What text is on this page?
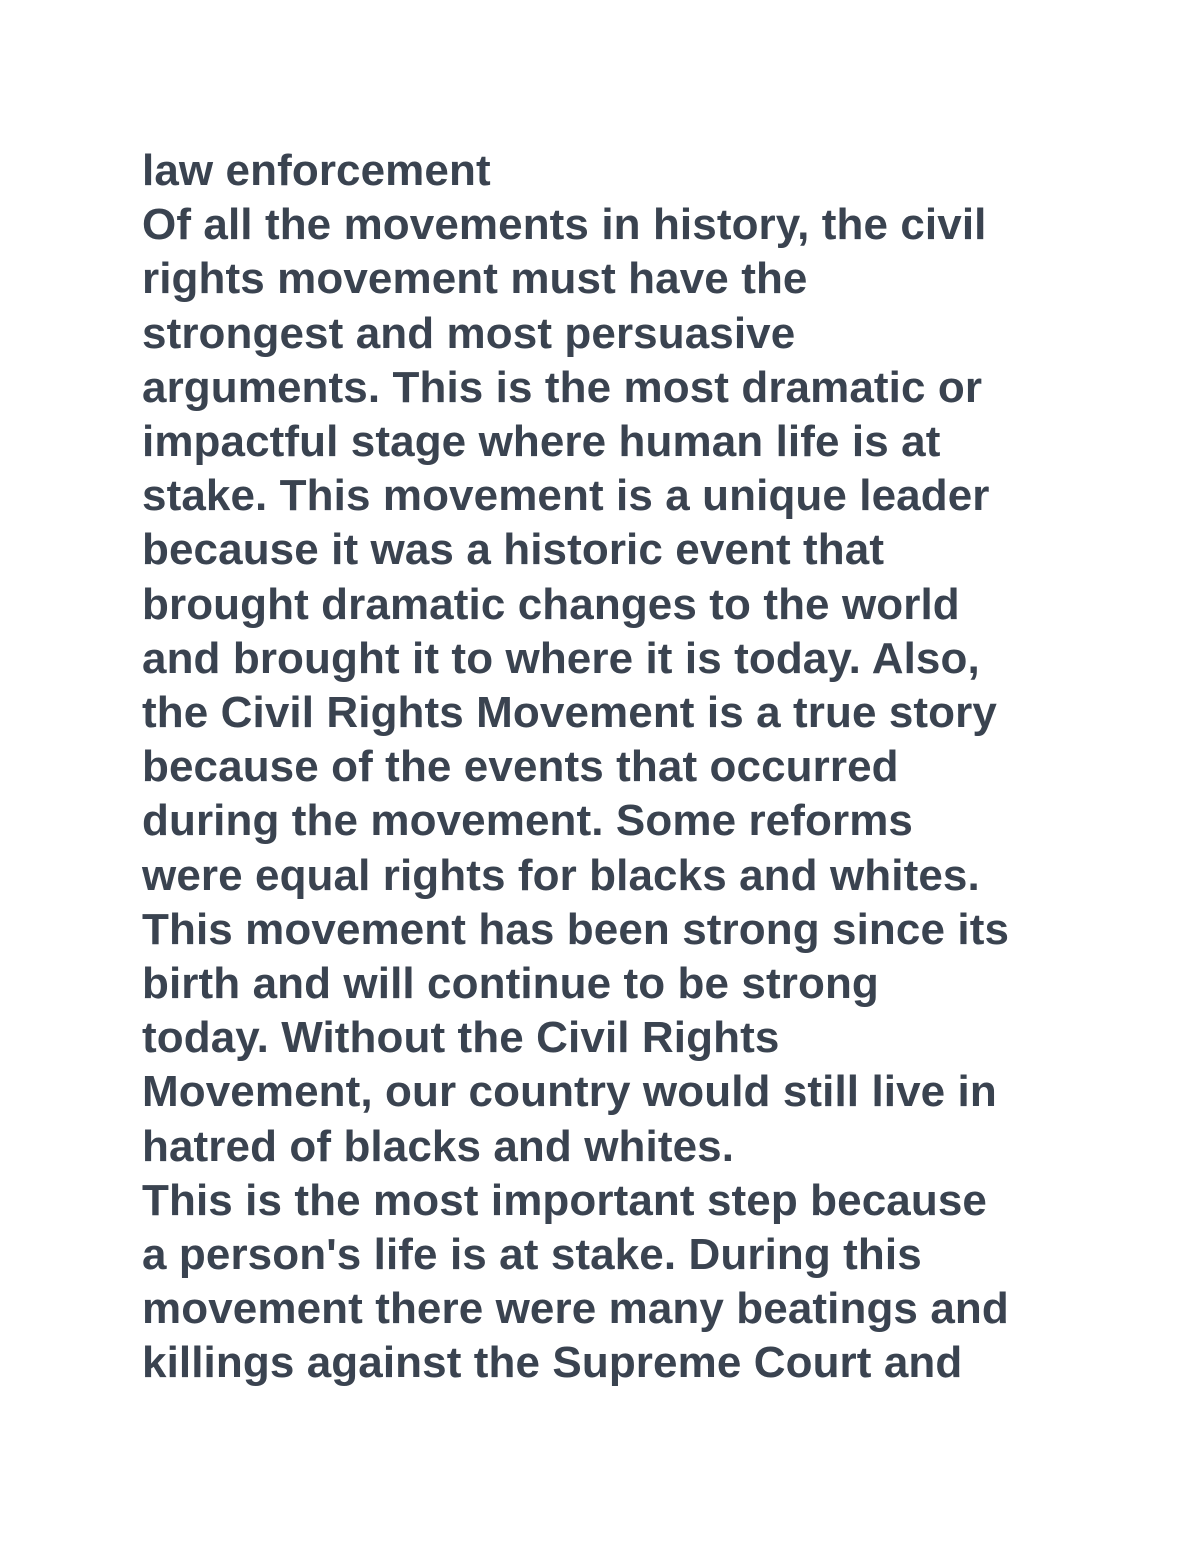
law enforcement
Of all the movements in history, the civil
rights movement must have the
strongest and most persuasive
arguments. This is the most dramatic or
impactful stage where human life is at
stake. This movement is a unique leader
because it was a historic event that
brought dramatic changes to the world
and brought it to where it is today. Also,
the Civil Rights Movement is a true story
because of the events that occurred
during the movement. Some reforms
were equal rights for blacks and whites.
This movement has been strong since its
birth and will continue to be strong
today. Without the Civil Rights
Movement, our country would still live in
hatred of blacks and whites.
This is the most important step because
a person's life is at stake. During this
movement there were many beatings and
killings against the Supreme Court and
